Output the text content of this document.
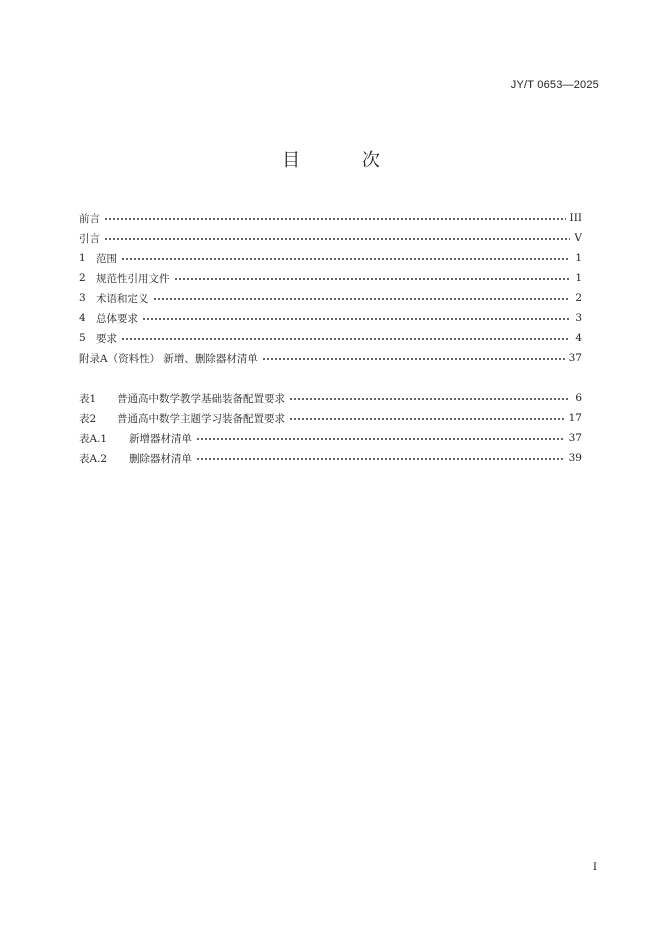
JY/T 0653—2025
目 次
前言	III
引言	V
1 范围	1
2 规范性引用文件	1
3 术语和定义	2
4 总体要求	3
5 要求	4
附录A（资料性） 新增、删除器材清单	37
表1	普通高中数学教学基础装备配置要求	6
表2	普通高中数学主题学习装备配置要求	17
表A.1	新增器材清单	37
表A.2	删除器材清单	39
I
